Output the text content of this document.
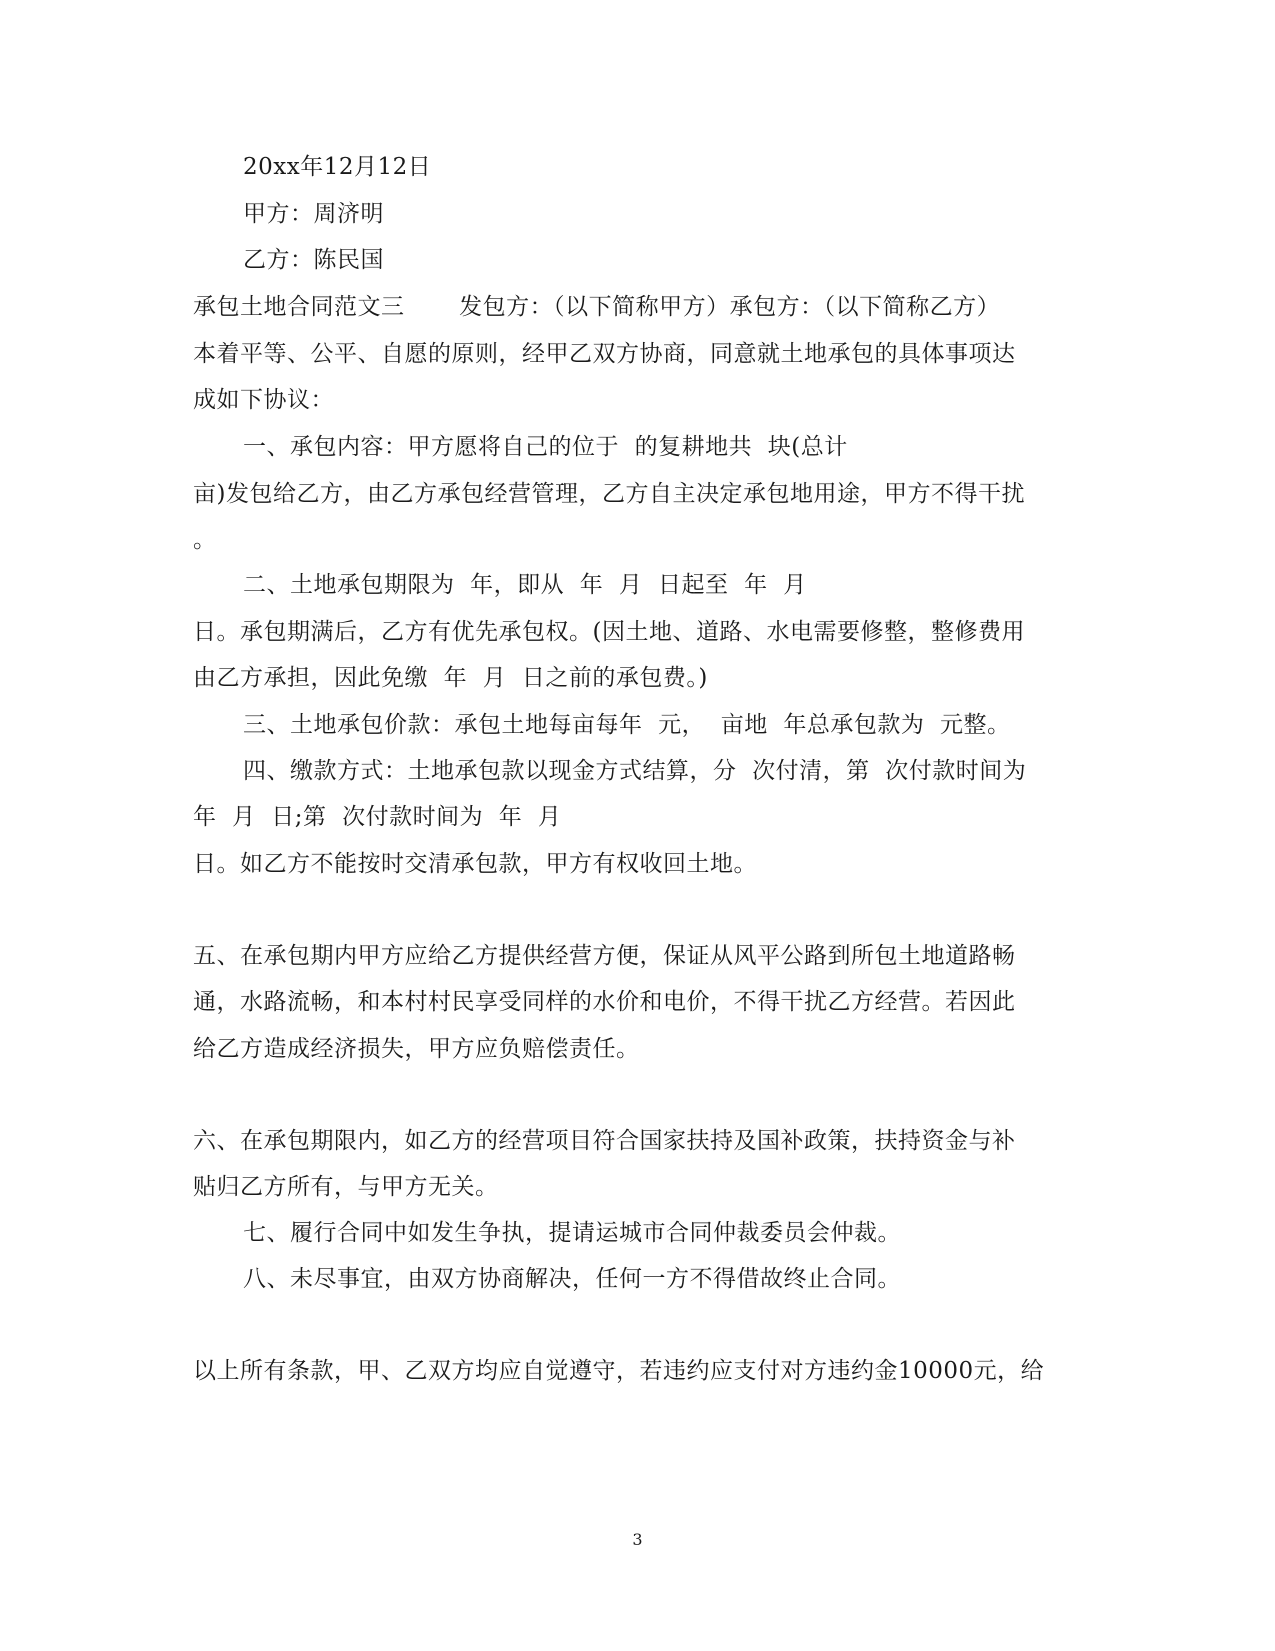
20xx年12月12日
甲方：周济明
乙方：陈民国
承包土地合同范文三       发包方：（以下简称甲方）承包方：（以下简称乙方）
本着平等、公平、自愿的原则，经甲乙双方协商，同意就土地承包的具体事项达
成如下协议：
一、承包内容：甲方愿将自己的位于  的复耕地共  块(总计
亩)发包给乙方，由乙方承包经营管理，乙方自主决定承包地用途，甲方不得干扰
。
二、土地承包期限为  年，即从  年  月  日起至  年  月
日。承包期满后，乙方有优先承包权。(因土地、道路、水电需要修整，整修费用
由乙方承担，因此免缴  年  月  日之前的承包费。)
三、土地承包价款：承包土地每亩每年  元，  亩地  年总承包款为  元整。
四、缴款方式：土地承包款以现金方式结算，分  次付清，第  次付款时间为
年  月  日;第  次付款时间为  年  月
日。如乙方不能按时交清承包款，甲方有权收回土地。
五、在承包期内甲方应给乙方提供经营方便，保证从风平公路到所包土地道路畅
通，水路流畅，和本村村民享受同样的水价和电价，不得干扰乙方经营。若因此
给乙方造成经济损失，甲方应负赔偿责任。
六、在承包期限内，如乙方的经营项目符合国家扶持及国补政策，扶持资金与补
贴归乙方所有，与甲方无关。
七、履行合同中如发生争执，提请运城市合同仲裁委员会仲裁。
八、未尽事宜，由双方协商解决，任何一方不得借故终止合同。
以上所有条款，甲、乙双方均应自觉遵守，若违约应支付对方违约金10000元，给
3
